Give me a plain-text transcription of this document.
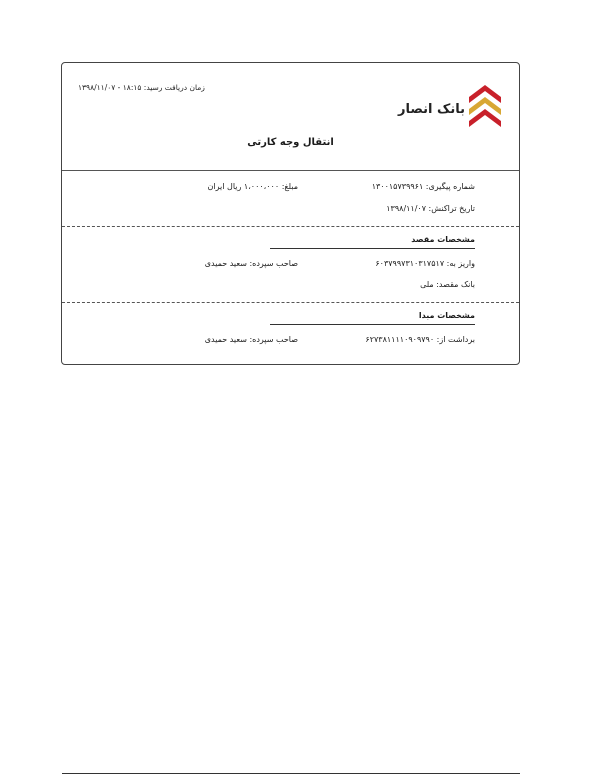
زمان دریافت رسید: ۱۸:۱۵ - ۱۳۹۸/۱۱/۰۷
بانک انصار
انتقال وجه کارتی
شماره پیگیری: ۱۳۰۰۱۵۷۳۹۹۶۱
مبلغ: ۱،۰۰۰،۰۰۰ ریال ایران
تاریخ تراکنش: ۱۳۹۸/۱۱/۰۷
مشخصات مقصد
واریز به: ۶۰۳۷۹۹۷۳۱۰۳۱۷۵۱۷
صاحب سپرده: سعید حمیدی
بانک مقصد: ملی
مشخصات مبدا
برداشت از: ۶۲۷۳۸۱۱۱۱۰۹۰۹۷۹۰
صاحب سپرده: سعید حمیدی
